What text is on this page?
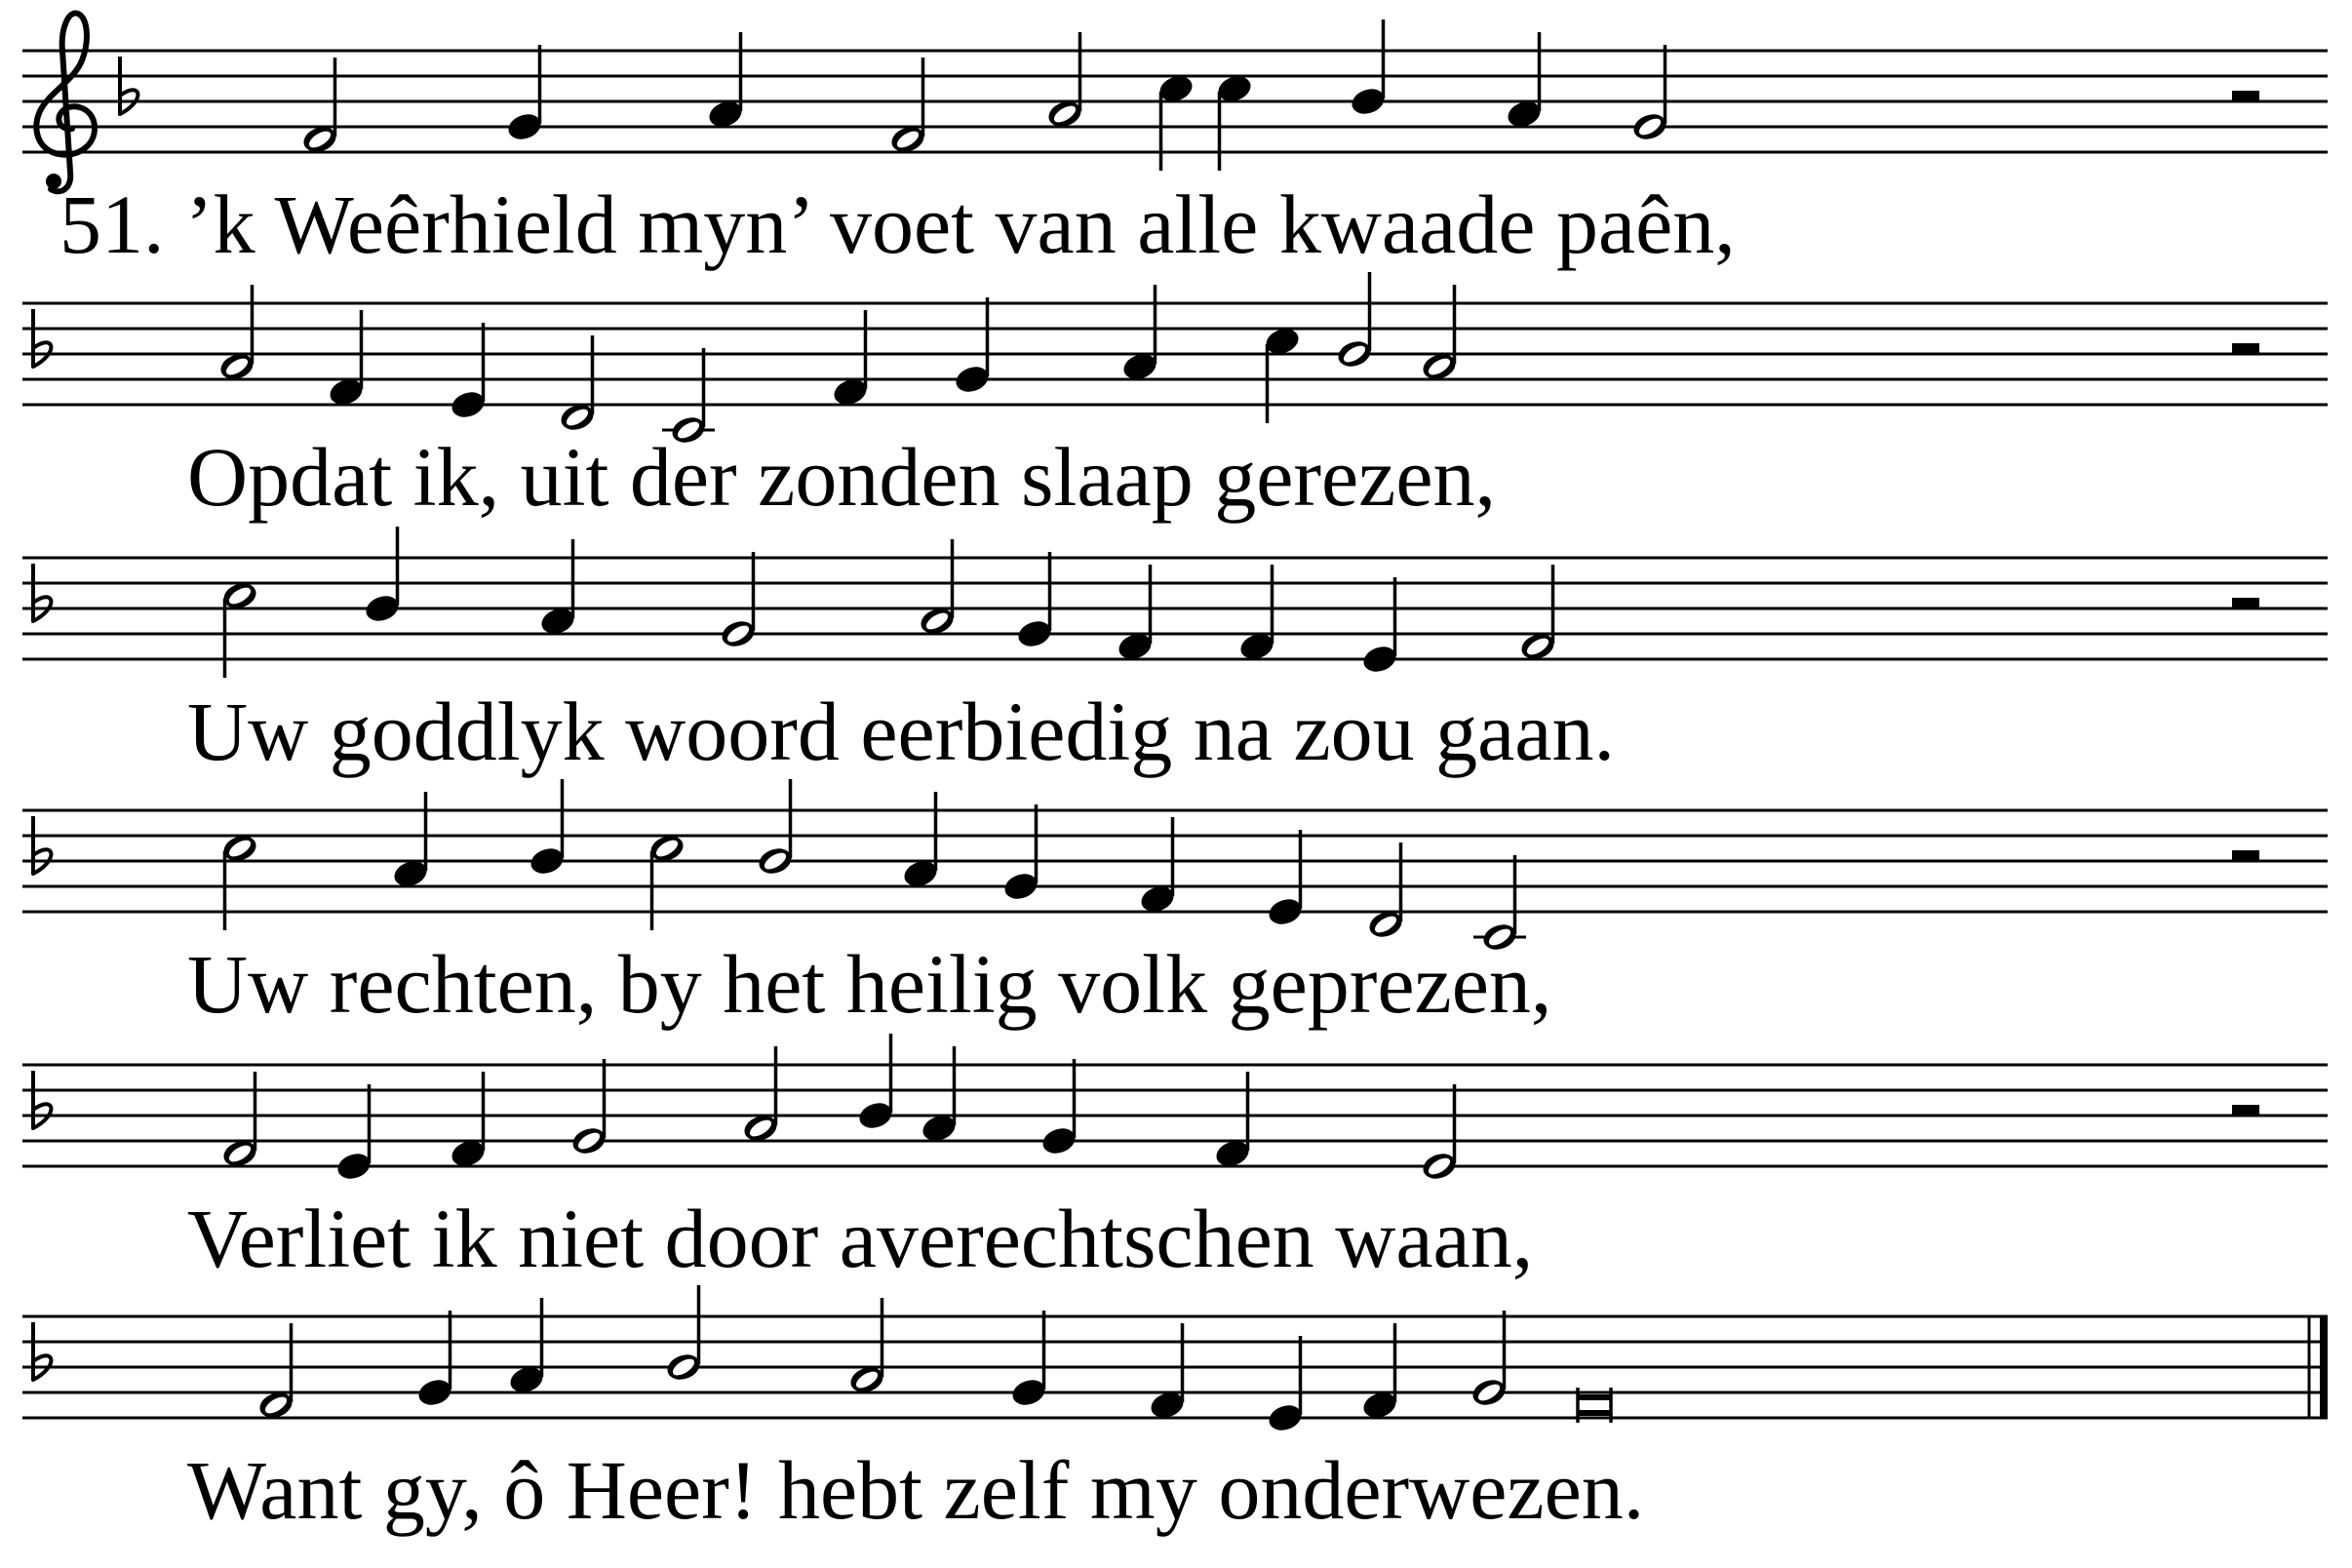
51. ’k Weêrhield myn’ voet van alle kwaade paên,
Opdat ik, uit der zonden slaap gerezen,
Uw goddlyk woord eerbiedig na zou gaan.
Uw rechten, by het heilig volk geprezen,
Verliet ik niet door averechtschen waan,
Want gy, ô Heer! hebt zelf my onderwezen.
